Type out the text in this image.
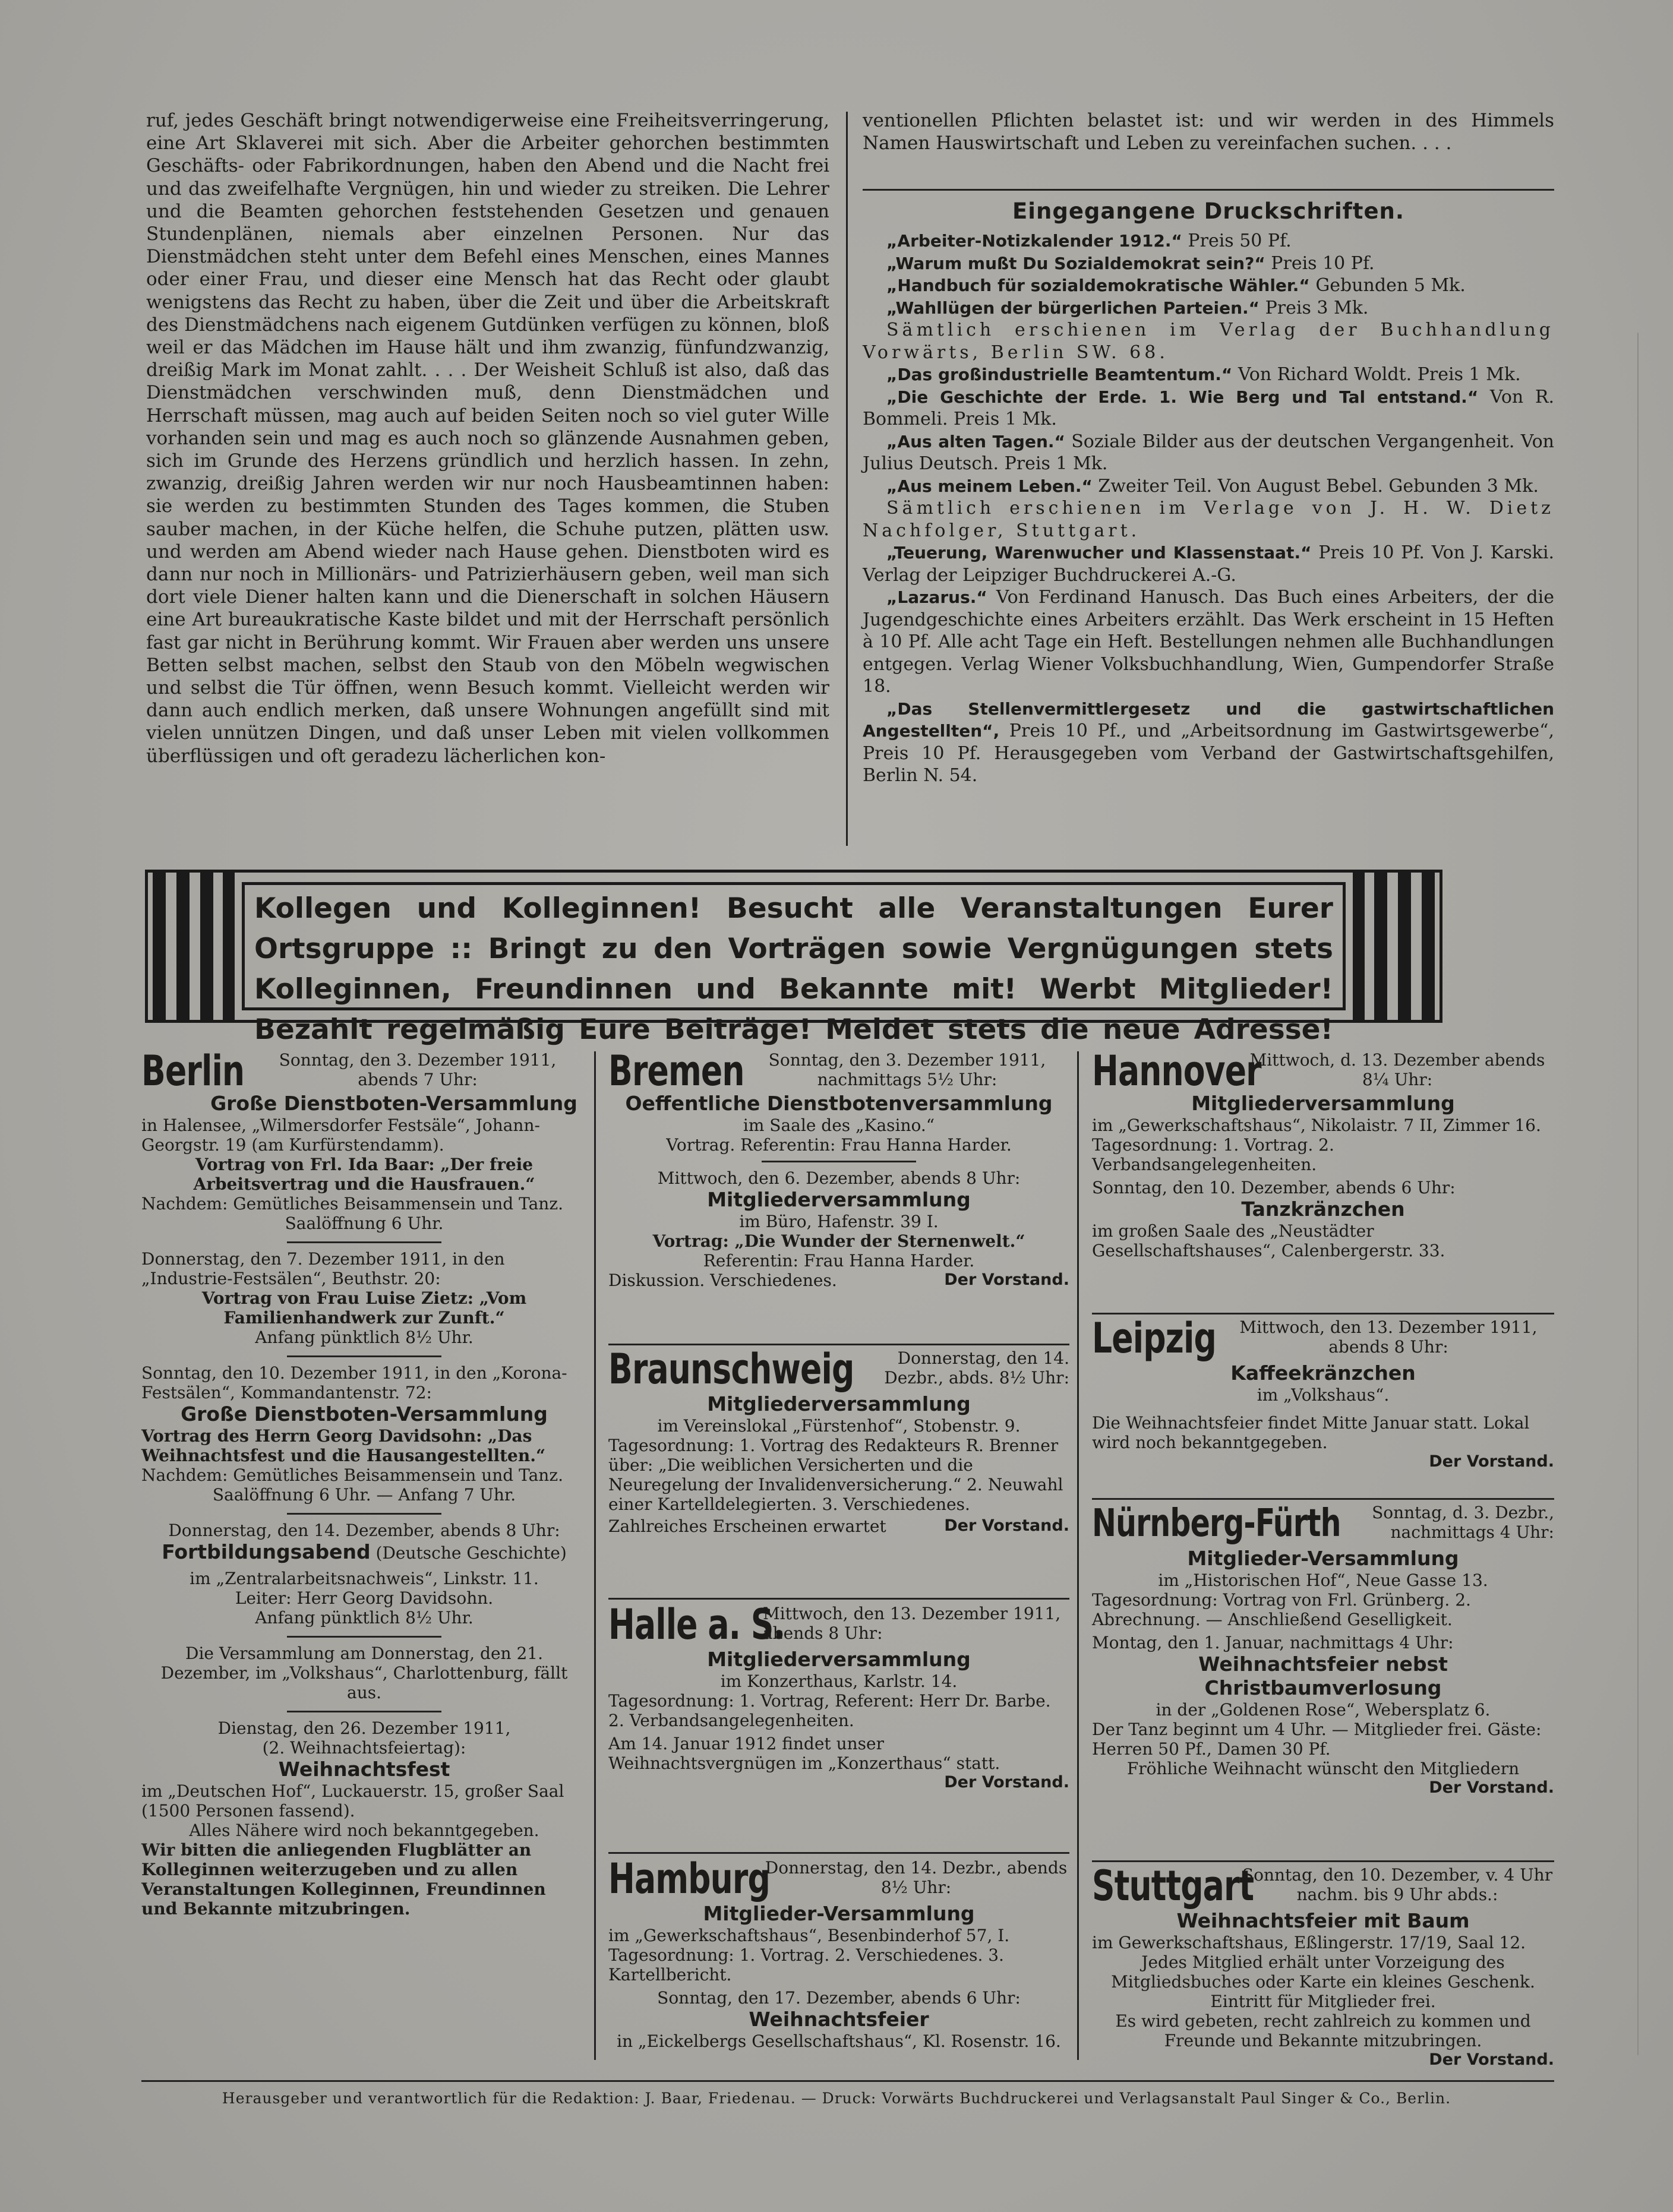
ruf, jedes Geschäft bringt notwendigerweise eine Freiheitsverringerung, eine Art Sklaverei mit sich. Aber die Arbeiter gehorchen bestimmten Geschäfts- oder Fabrikordnungen, haben den Abend und die Nacht frei und das zweifelhafte Vergnügen, hin und wieder zu streiken. Die Lehrer und die Beamten gehorchen feststehenden Gesetzen und genauen Stundenplänen, niemals aber einzelnen Personen. Nur das Dienstmädchen steht unter dem Befehl eines Menschen, eines Mannes oder einer Frau, und dieser eine Mensch hat das Recht oder glaubt wenigstens das Recht zu haben, über die Zeit und über die Arbeitskraft des Dienstmädchens nach eigenem Gutdünken verfügen zu können, bloß weil er das Mädchen im Hause hält und ihm zwanzig, fünfundzwanzig, dreißig Mark im Monat zahlt. . . . Der Weisheit Schluß ist also, daß das Dienstmädchen verschwinden muß, denn Dienstmädchen und Herrschaft müssen, mag auch auf beiden Seiten noch so viel guter Wille vorhanden sein und mag es auch noch so glänzende Ausnahmen geben, sich im Grunde des Herzens gründlich und herzlich hassen. In zehn, zwanzig, dreißig Jahren werden wir nur noch Hausbeamtinnen haben: sie werden zu bestimmten Stunden des Tages kommen, die Stuben sauber machen, in der Küche helfen, die Schuhe putzen, plätten usw. und werden am Abend wieder nach Hause gehen. Dienstboten wird es dann nur noch in Millionärs- und Patrizierhäusern geben, weil man sich dort viele Diener halten kann und die Dienerschaft in solchen Häusern eine Art bureaukratische Kaste bildet und mit der Herrschaft persönlich fast gar nicht in Berührung kommt. Wir Frauen aber werden uns unsere Betten selbst machen, selbst den Staub von den Möbeln wegwischen und selbst die Tür öffnen, wenn Besuch kommt. Vielleicht werden wir dann auch endlich merken, daß unsere Wohnungen angefüllt sind mit vielen unnützen Dingen, und daß unser Leben mit vielen vollkommen überflüssigen und oft geradezu lächerlichen kon-

ventionellen Pflichten belastet ist: und wir werden in des Himmels Namen Hauswirtschaft und Leben zu vereinfachen suchen. . . .

Eingegangene Druckschriften.
„Arbeiter-Notizkalender 1912.“ Preis 50 Pf.
„Warum mußt Du Sozialdemokrat sein?“ Preis 10 Pf.
„Handbuch für sozialdemokratische Wähler.“ Gebunden 5 Mk.
„Wahllügen der bürgerlichen Parteien.“ Preis 3 Mk.
Sämtlich erschienen im Verlag der Buchhandlung Vorwärts, Berlin SW. 68.
„Das großindustrielle Beamtentum.“ Von Richard Woldt. Preis 1 Mk.
„Die Geschichte der Erde. 1. Wie Berg und Tal entstand.“ Von R. Bommeli. Preis 1 Mk.
„Aus alten Tagen.“ Soziale Bilder aus der deutschen Vergangenheit. Von Julius Deutsch. Preis 1 Mk.
„Aus meinem Leben.“ Zweiter Teil. Von August Bebel. Gebunden 3 Mk.
Sämtlich erschienen im Verlage von J. H. W. Dietz Nachfolger, Stuttgart.
„Teuerung, Warenwucher und Klassenstaat.“ Preis 10 Pf. Von J. Karski. Verlag der Leipziger Buchdruckerei A.-G.
„Lazarus.“ Von Ferdinand Hanusch. Das Buch eines Arbeiters, der die Jugendgeschichte eines Arbeiters erzählt. Das Werk erscheint in 15 Heften à 10 Pf. Alle acht Tage ein Heft. Bestellungen nehmen alle Buchhandlungen entgegen. Verlag Wiener Volksbuchhandlung, Wien, Gumpendorfer Straße 18.
„Das Stellenvermittlergesetz und die gastwirtschaftlichen Angestellten“, Preis 10 Pf., und „Arbeitsordnung im Gastwirtsgewerbe“, Preis 10 Pf. Herausgegeben vom Verband der Gastwirtschaftsgehilfen, Berlin N. 54.
Kollegen und Kolleginnen! Besucht alle Veranstaltungen Eurer Ortsgruppe :: Bringt zu den Vorträgen sowie Vergnügungen stets Kolleginnen, Freundinnen und Bekannte mit! Werbt Mitglieder! Bezahlt regelmäßig Eure Beiträge! Meldet stets die neue Adresse!
Berlin	Sonntag, den 3. Dezember 1911, abends 7 Uhr:
Große Dienstboten-Versammlung
in Halensee, „Wilmersdorfer Festsäle“, Johann-Georgstr. 19 (am Kurfürstendamm).
Vortrag von Frl. Ida Baar: „Der freie Arbeitsvertrag und die Hausfrauen.“
Nachdem: Gemütliches Beisammensein und Tanz.
Saalöffnung 6 Uhr.
Donnerstag, den 7. Dezember 1911, in den „Industrie-Festsälen“, Beuthstr. 20:
Vortrag von Frau Luise Zietz: „Vom Familienhandwerk zur Zunft.“
Anfang pünktlich 8½ Uhr.
Sonntag, den 10. Dezember 1911, in den „Korona-Festsälen“, Kommandantenstr. 72:
Große Dienstboten-Versammlung
Vortrag des Herrn Georg Davidsohn: „Das Weihnachtsfest und die Hausangestellten.“
Nachdem: Gemütliches Beisammensein und Tanz.
Saalöffnung 6 Uhr. — Anfang 7 Uhr.
Donnerstag, den 14. Dezember, abends 8 Uhr:
Fortbildungsabend (Deutsche Geschichte)
im „Zentralarbeitsnachweis“, Linkstr. 11.
Leiter: Herr Georg Davidsohn.
Anfang pünktlich 8½ Uhr.
Die Versammlung am Donnerstag, den 21. Dezember, im „Volkshaus“, Charlottenburg, fällt aus.
Dienstag, den 26. Dezember 1911,
(2. Weihnachtsfeiertag):
Weihnachtsfest
im „Deutschen Hof“, Luckauerstr. 15, großer Saal (1500 Personen fassend).
Alles Nähere wird noch bekanntgegeben.
Wir bitten die anliegenden Flugblätter an Kolleginnen weiterzugeben und zu allen Veranstaltungen Kolleginnen, Freundinnen und Bekannte mitzubringen.
Bremen	Sonntag, den 3. Dezember 1911, nachmittags 5½ Uhr:
Oeffentliche Dienstbotenversammlung
im Saale des „Kasino.“
Vortrag. Referentin: Frau Hanna Harder.
Mittwoch, den 6. Dezember, abends 8 Uhr:
Mitgliederversammlung
im Büro, Hafenstr. 39 I.
Vortrag: „Die Wunder der Sternenwelt.“
Referentin: Frau Hanna Harder.
Diskussion. Verschiedenes.	Der Vorstand.
Braunschweig	Donnerstag, den 14. Dezbr., abds. 8½ Uhr:
Mitgliederversammlung
im Vereinslokal „Fürstenhof“, Stobenstr. 9.
Tagesordnung: 1. Vortrag des Redakteurs R. Brenner über: „Die weiblichen Versicherten und die Neuregelung der Invalidenversicherung.“ 2. Neuwahl einer Kartelldelegierten. 3. Verschiedenes.
Zahlreiches Erscheinen erwartet	Der Vorstand.
Halle a. S.
Mittwoch, den 13. Dezember 1911, abends 8 Uhr:
Mitgliederversammlung
im Konzerthaus, Karlstr. 14.
Tagesordnung: 1. Vortrag, Referent: Herr Dr. Barbe. 2. Verbandsangelegenheiten.
Am 14. Januar 1912 findet unser Weihnachtsvergnügen im „Konzerthaus“ statt.
Der Vorstand.
Hamburg
Donnerstag, den 14. Dezbr., abends 8½ Uhr:
Mitglieder-Versammlung
im „Gewerkschaftshaus“, Besenbinderhof 57, I.
Tagesordnung: 1. Vortrag. 2. Verschiedenes. 3. Kartellbericht.
Sonntag, den 17. Dezember, abends 6 Uhr:
Weihnachtsfeier
in „Eickelbergs Gesellschaftshaus“, Kl. Rosenstr. 16.
Hannover
Mittwoch, d. 13. Dezember abends 8¼ Uhr:
Mitgliederversammlung
im „Gewerkschaftshaus“, Nikolaistr. 7 II, Zimmer 16.
Tagesordnung: 1. Vortrag. 2. Verbandsangelegenheiten.
Sonntag, den 10. Dezember, abends 6 Uhr:
Tanzkränzchen
im großen Saale des „Neustädter Gesellschaftshauses“, Calenbergerstr. 33.
Leipzig	Mittwoch, den 13. Dezember 1911, abends 8 Uhr:
Kaffeekränzchen
im „Volkshaus“.
Die Weihnachtsfeier findet Mitte Januar statt. Lokal wird noch bekanntgegeben.
Der Vorstand.
Nürnberg-Fürth	Sonntag, d. 3. Dezbr., nachmittags 4 Uhr:
Mitglieder-Versammlung
im „Historischen Hof“, Neue Gasse 13.
Tagesordnung: Vortrag von Frl. Grünberg. 2. Abrechnung. — Anschließend Geselligkeit.
Montag, den 1. Januar, nachmittags 4 Uhr:
Weihnachtsfeier nebst Christbaumverlosung
in der „Goldenen Rose“, Webersplatz 6.
Der Tanz beginnt um 4 Uhr. — Mitglieder frei. Gäste: Herren 50 Pf., Damen 30 Pf.
Fröhliche Weihnacht wünscht den Mitgliedern
Der Vorstand.
Stuttgart
Sonntag, den 10. Dezember, v. 4 Uhr nachm. bis 9 Uhr abds.:
Weihnachtsfeier mit Baum
im Gewerkschaftshaus, Eßlingerstr. 17/19, Saal 12.
Jedes Mitglied erhält unter Vorzeigung des Mitgliedsbuches oder Karte ein kleines Geschenk.
Eintritt für Mitglieder frei.
Es wird gebeten, recht zahlreich zu kommen und Freunde und Bekannte mitzubringen.
Der Vorstand.
Herausgeber und verantwortlich für die Redaktion: J. Baar, Friedenau. — Druck: Vorwärts Buchdruckerei und Verlagsanstalt Paul Singer & Co., Berlin.
